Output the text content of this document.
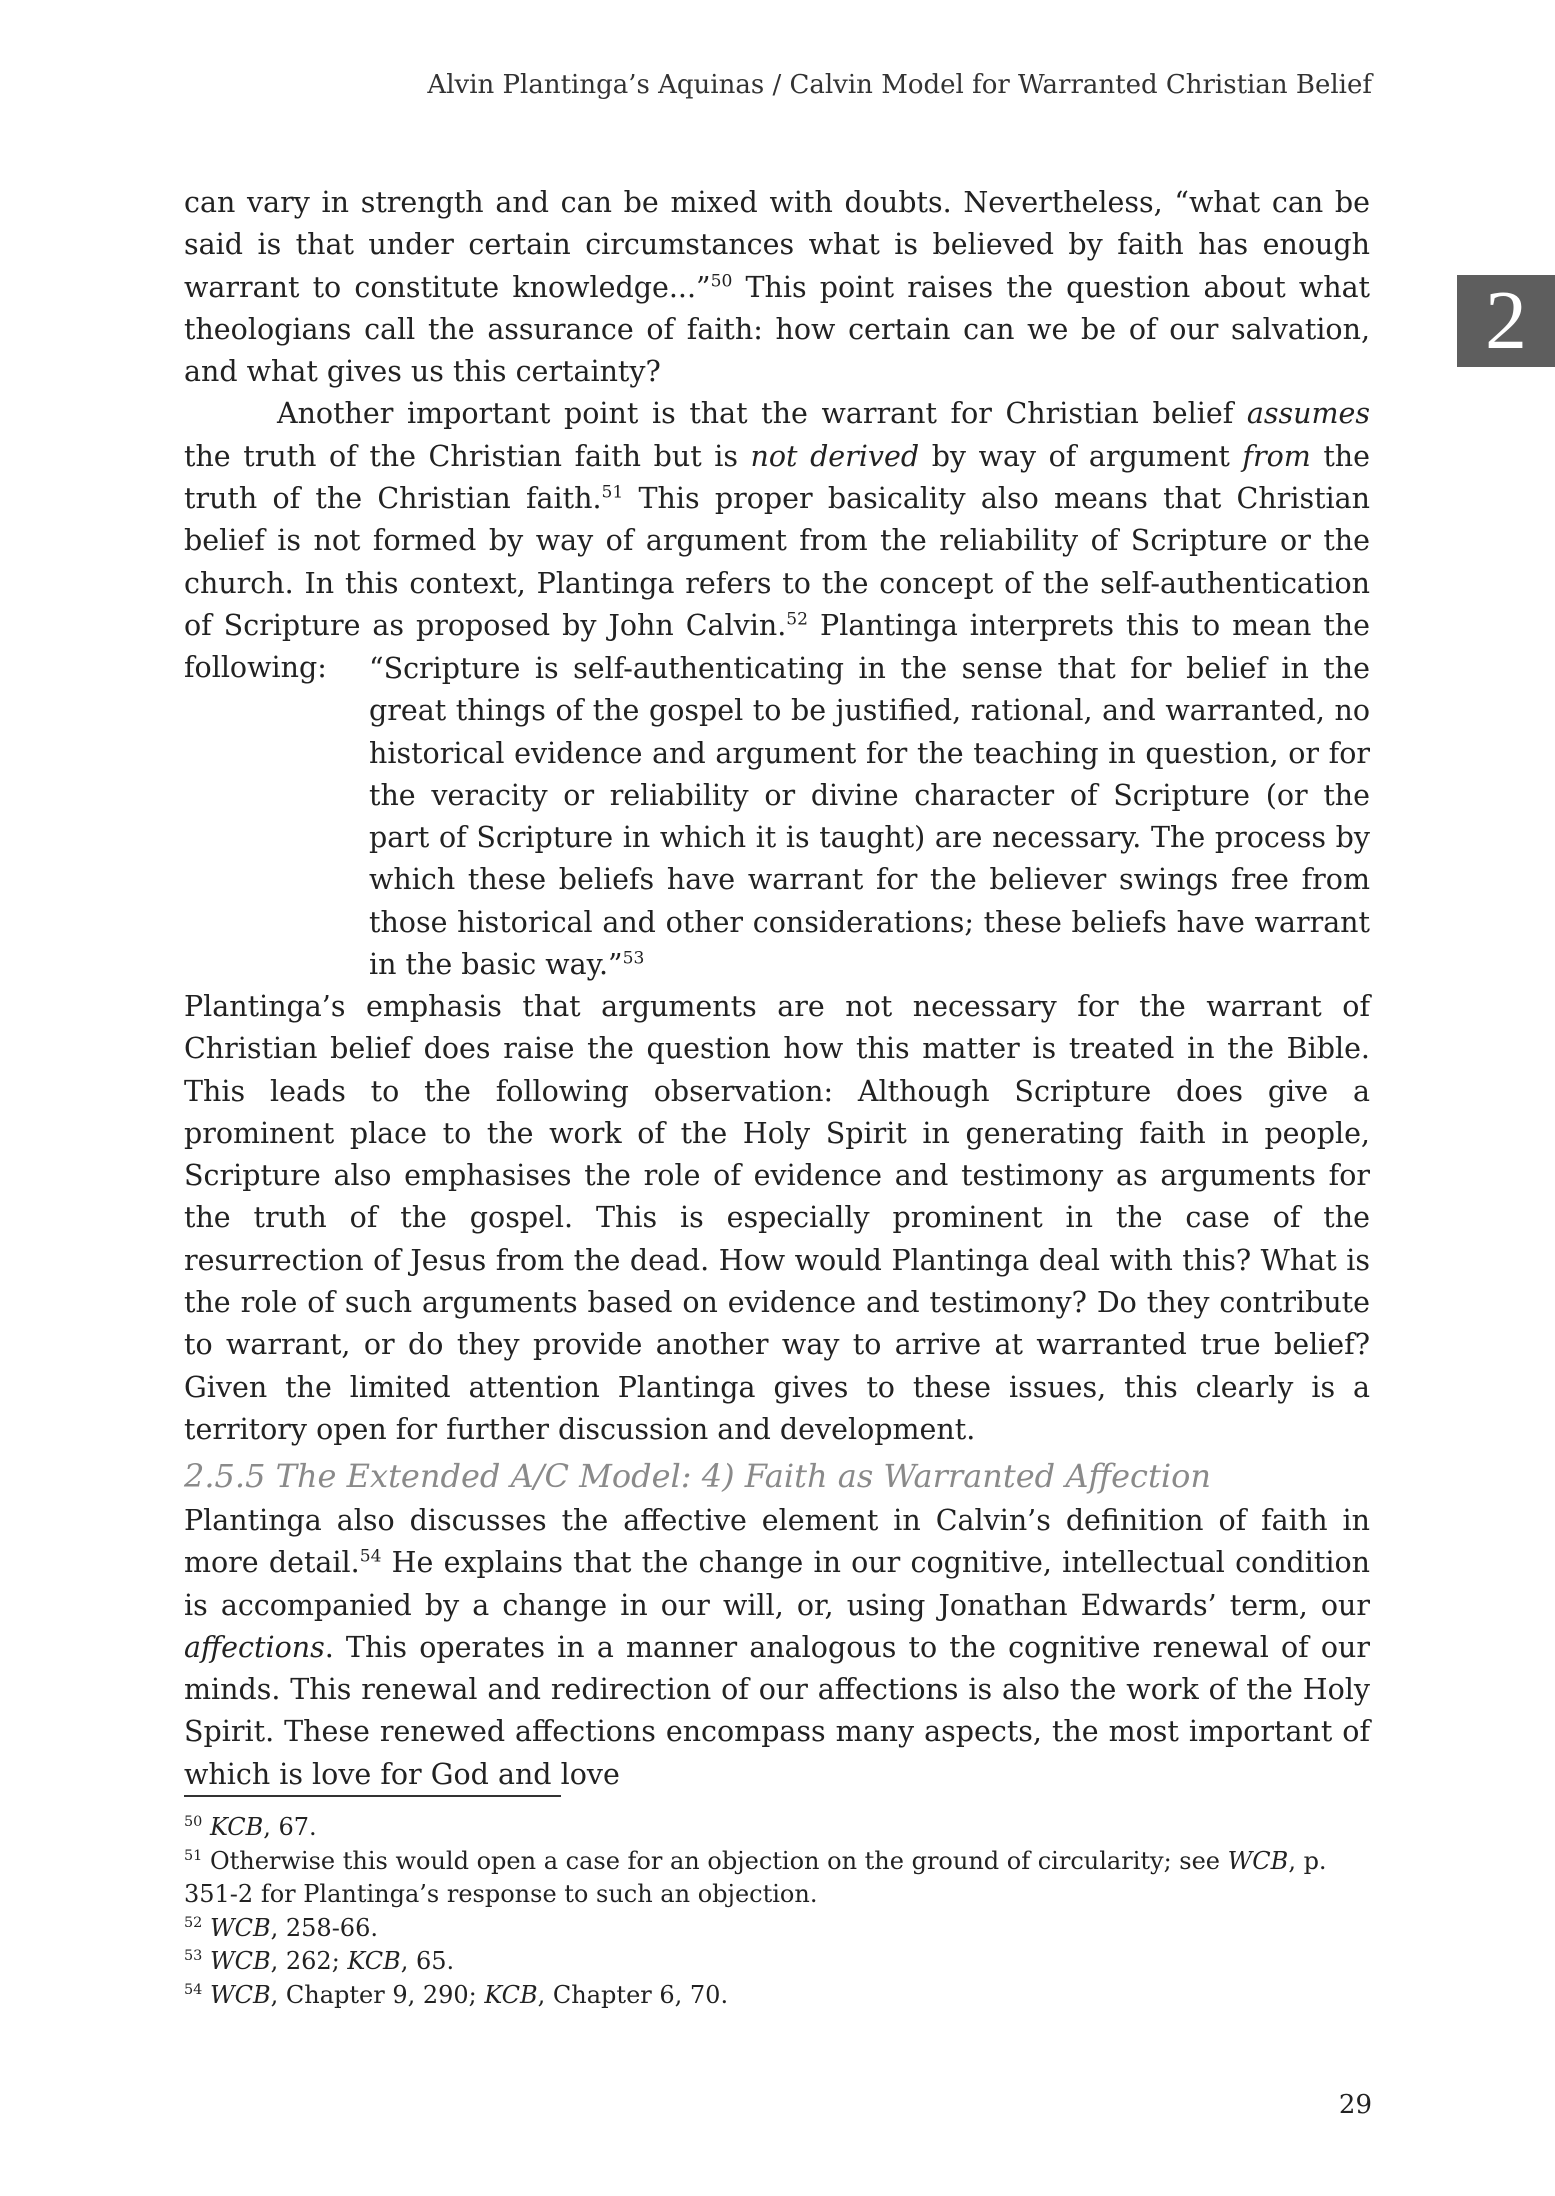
Alvin Plantinga’s Aquinas / Calvin Model for Warranted Christian Belief
2

can vary in strength and can be mixed with doubts. Nevertheless, “what can be said is that under certain circumstances what is believed by faith has enough warrant to constitute knowledge...”$^{50}$ This point raises the question about what theologians call the assurance of faith: how certain can we be of our salvation, and what gives us this certainty?

Another important point is that the warrant for Christian belief assumes the truth of the Christian faith but is not derived by way of argument from the truth of the Christian faith.$^{51}$ This proper basicality also means that Christian belief is not formed by way of argument from the reliability of Scripture or the church. In this context, Plantinga refers to the concept of the self-authentication of Scripture as proposed by John Calvin.$^{52}$ Plantinga interprets this to mean the following:	“Scripture is self-authenticating in the sense that for belief in the great things of the gospel to be justified, rational, and warranted, no historical evidence and argument for the teaching in question, or for the veracity or reliability or divine character of Scripture (or the part of Scripture in which it is taught) are necessary. The process by which these beliefs have warrant for the believer swings free from those historical and other considerations; these beliefs have warrant in the basic way.”$^{53}$

Plantinga’s emphasis that arguments are not necessary for the warrant of Christian belief does raise the question how this matter is treated in the Bible. This leads to the following observation: Although Scripture does give a prominent place to the work of the Holy Spirit in generating faith in people, Scripture also emphasises the role of evidence and testimony as arguments for the truth of the gospel. This is especially prominent in the case of the resurrection of Jesus from the dead. How would Plantinga deal with this? What is the role of such arguments based on evidence and testimony? Do they contribute to warrant, or do they provide another way to arrive at warranted true belief? Given the limited attention Plantinga gives to these issues, this clearly is a territory open for further discussion and development.

2.5.5 The Extended A/C Model: 4) Faith as Warranted Affection

Plantinga also discusses the affective element in Calvin’s definition of faith in more detail.$^{54}$ He explains that the change in our cognitive, intellectual condition is accompanied by a change in our will, or, using Jonathan Edwards’ term, our affections. This operates in a manner analogous to the cognitive renewal of our minds. This renewal and redirection of our affections is also the work of the Holy Spirit. These renewed affections encompass many aspects, the most important of which is love for God and love

$^{50}$ KCB, 67.

$^{51}$ Otherwise this would open a case for an objection on the ground of circularity; see WCB, p. 351-2 for Plantinga’s response to such an objection.

$^{52}$ WCB, 258-66.

$^{53}$ WCB, 262; KCB, 65.

$^{54}$ WCB, Chapter 9, 290; KCB, Chapter 6, 70.

29
